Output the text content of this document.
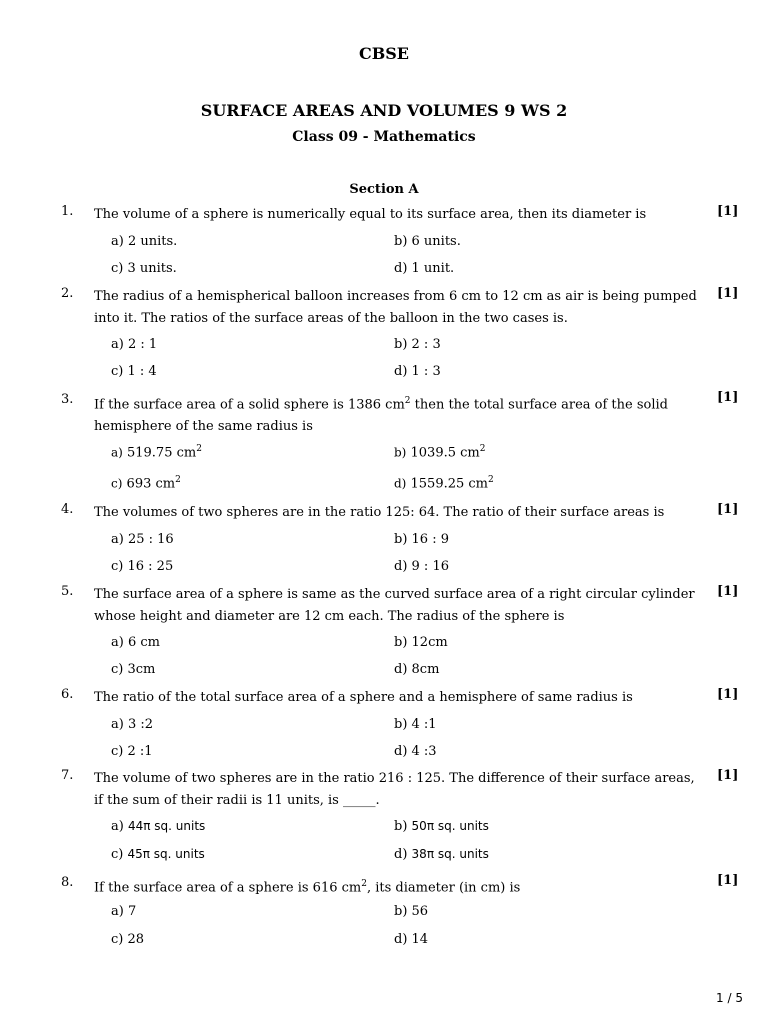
CBSE
SURFACE AREAS AND VOLUMES 9 WS 2
Class 09 - Mathematics
Section A
1. The volume of a sphere is numerically equal to its surface area, then its diameter is	[1]
a) 2 units.	b) 6 units.
c) 3 units.	d) 1 unit.
2. The radius of a hemispherical balloon increases from 6 cm to 12 cm as air is being pumped into it. The ratios of the surface areas of the balloon in the two cases is.
[1]
a) 2 : 1	b) 2 : 3
c) 1 : 4	d) 1 : 3
3. If the surface area of a solid sphere is 1386 $cm^2$ then the total surface area of the solid hemisphere of the same radius is
[1]
a) 519.75 $cm^2$	b) 1039.5 $cm^2$
c) 693 $cm^2$	d) 1559.25 $cm^2$
4. The volumes of two spheres are in the ratio 125: 64. The ratio of their surface areas is	[1]
a) 25 : 16	b) 16 : 9
c) 16 : 25	d) 9 : 16
5. The surface area of a sphere is same as the curved surface area of a right circular cylinder whose height and diameter are 12 cm each. The radius of the sphere is
[1]
a) 6 cm	b) 12cm
c) 3cm	d) 8cm
6. The ratio of the total surface area of a sphere and a hemisphere of same radius is	[1]
a) 3 :2	b) 4 :1
c) 2 :1	d) 4 :3
7. The volume of two spheres are in the ratio 216 : 125. The difference of their surface areas, if the sum of their radii is 11 units, is _____.
[1]
a) 44π sq. units	b) 50π sq. units
c) 45π sq. units	d) 38π sq. units
8. If the surface area of a sphere is 616 $cm^2$, its diameter (in cm) is	[1]
a) 7	b) 56
c) 28	d) 14
1 / 5
